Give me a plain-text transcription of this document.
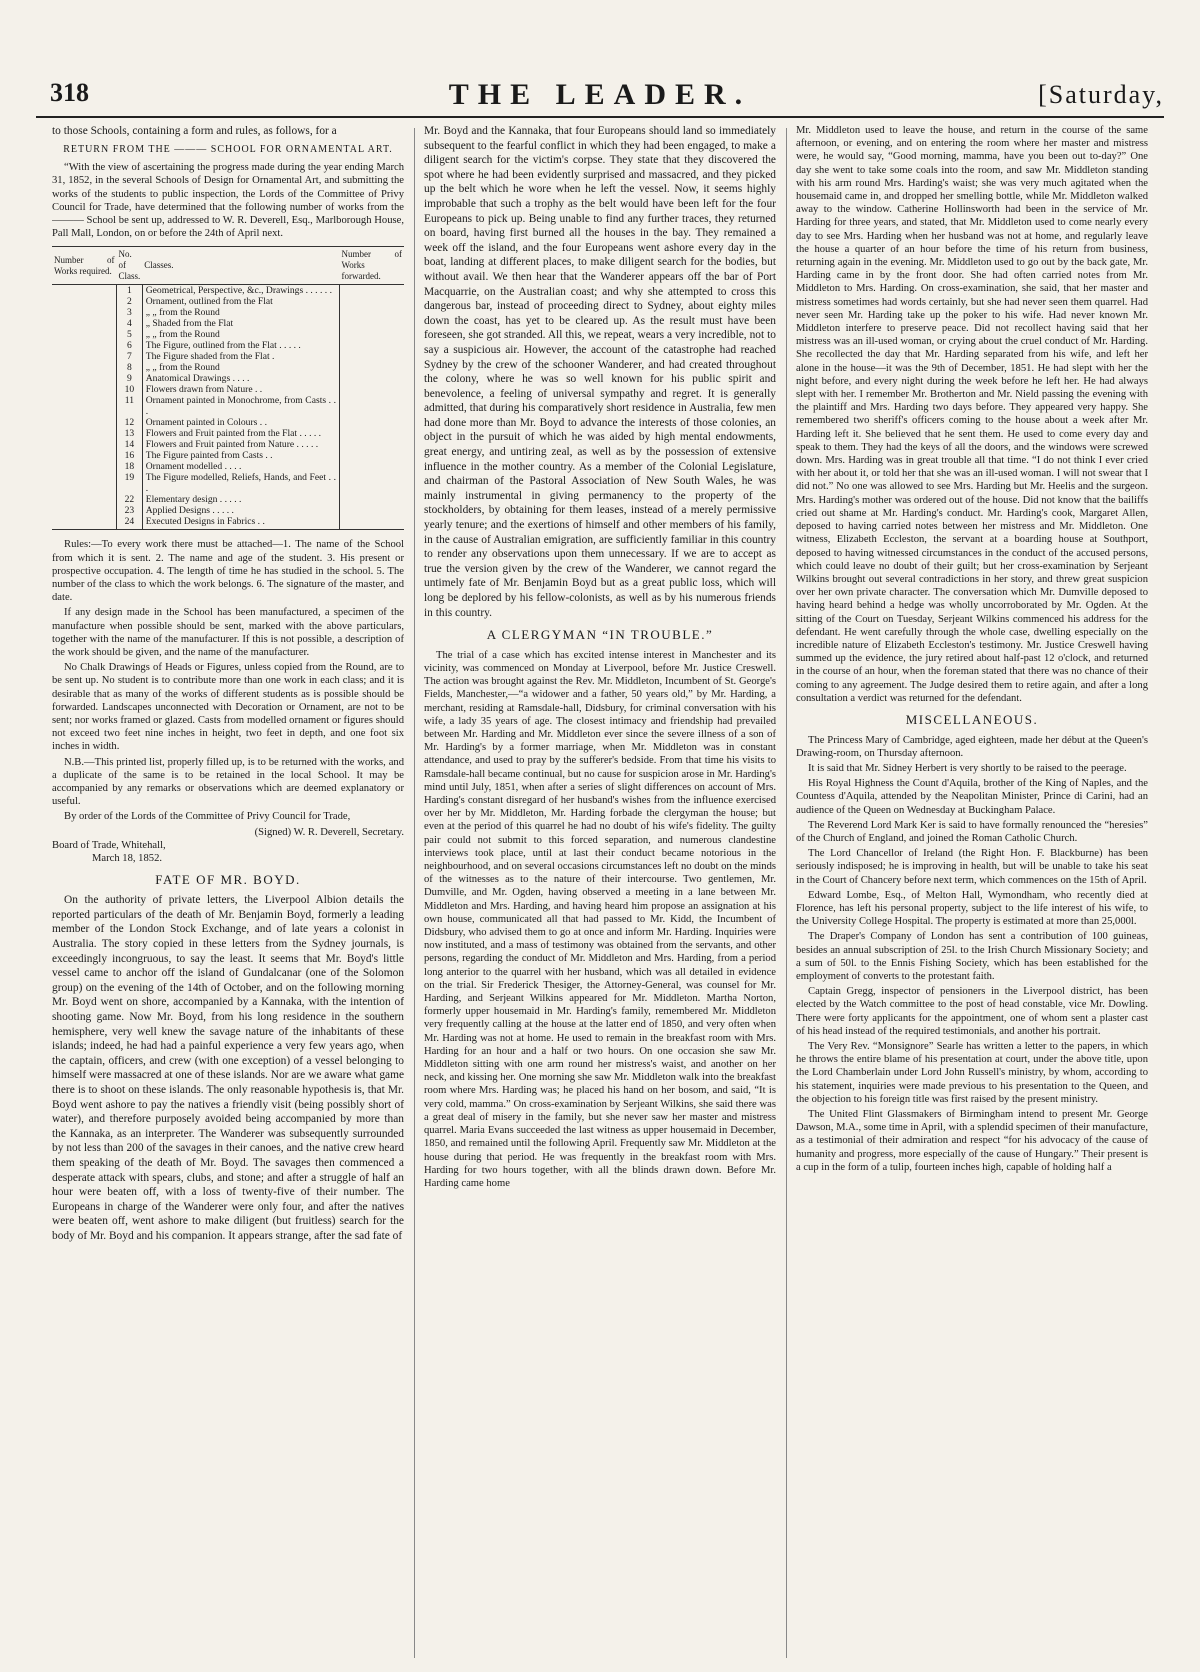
318	THE LEADER.	[Saturday,

to those Schools, containing a form and rules, as follows, for a

RETURN FROM THE ——— SCHOOL FOR ORNAMENTAL ART.

“With the view of ascertaining the progress made during the year ending March 31, 1852, in the several Schools of Design for Ornamental Art, and submitting the works of the students to public inspection, the Lords of the Committee of Privy Council for Trade, have determined that the following number of works from the ——— School be sent up, addressed to W. R. Deverell, Esq., Marlborough House, Pall Mall, London, on or before the 24th of April next.

Number of Works required.	No. of Class.	Classes.	Number of Works forwarded.
	1	Geometrical, Perspective, &c., Drawings . . . . . .	
	2	Ornament, outlined from the Flat	
	3	„ „ from the Round	
	4	„ Shaded from the Flat	
	5	„ „ from the Round	
	6	The Figure, outlined from the Flat . . . . .	
	7	The Figure shaded from the Flat .	
	8	„ „ from the Round	
	9	Anatomical Drawings . . . .	
	10	Flowers drawn from Nature . .	
	11	Ornament painted in Monochrome, from Casts . . .	
	12	Ornament painted in Colours . .	
	13	Flowers and Fruit painted from the Flat . . . . .	
	14	Flowers and Fruit painted from Nature . . . . .	
	16	The Figure painted from Casts . .	
	18	Ornament modelled . . . .	
	19	The Figure modelled, Reliefs, Hands, and Feet . . .	
	22	Elementary design . . . . .	
	23	Applied Designs . . . . .	
	24	Executed Designs in Fabrics . .	

Rules:—To every work there must be attached—1. The name of the School from which it is sent. 2. The name and age of the student. 3. His present or prospective occupation. 4. The length of time he has studied in the school. 5. The number of the class to which the work belongs. 6. The signature of the master, and date.

If any design made in the School has been manufactured, a specimen of the manufacture when possible should be sent, marked with the above particulars, together with the name of the manufacturer. If this is not possible, a description of the work should be given, and the name of the manufacturer.

No Chalk Drawings of Heads or Figures, unless copied from the Round, are to be sent up. No student is to contribute more than one work in each class; and it is desirable that as many of the works of different students as is possible should be forwarded. Landscapes unconnected with Decoration or Ornament, are not to be sent; nor works framed or glazed. Casts from modelled ornament or figures should not exceed two feet nine inches in height, two feet in depth, and one foot six inches in width.

N.B.—This printed list, properly filled up, is to be returned with the works, and a duplicate of the same is to be retained in the local School. It may be accompanied by any remarks or observations which are deemed explanatory or useful.

By order of the Lords of the Committee of Privy Council for Trade,

(Signed) W. R. Deverell, Secretary.
Board of Trade, Whitehall,
March 18, 1852.
FATE OF MR. BOYD.

On the authority of private letters, the Liverpool Albion details the reported particulars of the death of Mr. Benjamin Boyd, formerly a leading member of the London Stock Exchange, and of late years a colonist in Australia. The story copied in these letters from the Sydney journals, is exceedingly incongruous, to say the least. It seems that Mr. Boyd's little vessel came to anchor off the island of Gundalcanar (one of the Solomon group) on the evening of the 14th of October, and on the following morning Mr. Boyd went on shore, accompanied by a Kannaka, with the intention of shooting game. Now Mr. Boyd, from his long residence in the southern hemisphere, very well knew the savage nature of the inhabitants of these islands; indeed, he had had a painful experience a very few years ago, when the captain, officers, and crew (with one exception) of a vessel belonging to himself were massacred at one of these islands. Nor are we aware what game there is to shoot on these islands. The only reasonable hypothesis is, that Mr. Boyd went ashore to pay the natives a friendly visit (being possibly short of water), and therefore purposely avoided being accompanied by more than the Kannaka, as an interpreter. The Wanderer was subsequently surrounded by not less than 200 of the savages in their canoes, and the native crew heard them speaking of the death of Mr. Boyd. The savages then commenced a desperate attack with spears, clubs, and stone; and after a struggle of half an hour were beaten off, with a loss of twenty-five of their number. The Europeans in charge of the Wanderer were only four, and after the natives were beaten off, went ashore to make diligent (but fruitless) search for the body of Mr. Boyd and his companion. It appears strange, after the sad fate of

Mr. Boyd and the Kannaka, that four Europeans should land so immediately subsequent to the fearful conflict in which they had been engaged, to make a diligent search for the victim's corpse. They state that they discovered the spot where he had been evidently surprised and massacred, and they picked up the belt which he wore when he left the vessel. Now, it seems highly improbable that such a trophy as the belt would have been left for the four Europeans to pick up. Being unable to find any further traces, they returned on board, having first burned all the houses in the bay. They remained a week off the island, and the four Europeans went ashore every day in the boat, landing at different places, to make diligent search for the bodies, but without avail. We then hear that the Wanderer appears off the bar of Port Macquarrie, on the Australian coast; and why she attempted to cross this dangerous bar, instead of proceeding direct to Sydney, about eighty miles down the coast, has yet to be cleared up. As the result must have been foreseen, she got stranded. All this, we repeat, wears a very incredible, not to say a suspicious air. However, the account of the catastrophe had reached Sydney by the crew of the schooner Wanderer, and had created throughout the colony, where he was so well known for his public spirit and benevolence, a feeling of universal sympathy and regret. It is generally admitted, that during his comparatively short residence in Australia, few men had done more than Mr. Boyd to advance the interests of those colonies, an object in the pursuit of which he was aided by high mental endowments, great energy, and untiring zeal, as well as by the possession of extensive influence in the mother country. As a member of the Colonial Legislature, and chairman of the Pastoral Association of New South Wales, he was mainly instrumental in giving permanency to the property of the stockholders, by obtaining for them leases, instead of a merely permissive yearly tenure; and the exertions of himself and other members of his family, in the cause of Australian emigration, are sufficiently familiar in this country to render any observations upon them unnecessary. If we are to accept as true the version given by the crew of the Wanderer, we cannot regard the untimely fate of Mr. Benjamin Boyd but as a great public loss, which will long be deplored by his fellow-colonists, as well as by his numerous friends in this country.

A CLERGYMAN “IN TROUBLE.”

The trial of a case which has excited intense interest in Manchester and its vicinity, was commenced on Monday at Liverpool, before Mr. Justice Creswell. The action was brought against the Rev. Mr. Middleton, Incumbent of St. George's Fields, Manchester,—“a widower and a father, 50 years old,” by Mr. Harding, a merchant, residing at Ramsdale-hall, Didsbury, for criminal conversation with his wife, a lady 35 years of age. The closest intimacy and friendship had prevailed between Mr. Harding and Mr. Middleton ever since the severe illness of a son of Mr. Harding's by a former marriage, when Mr. Middleton was in constant attendance, and used to pray by the sufferer's bedside. From that time his visits to Ramsdale-hall became continual, but no cause for suspicion arose in Mr. Harding's mind until July, 1851, when after a series of slight differences on account of Mrs. Harding's constant disregard of her husband's wishes from the influence exercised over her by Mr. Middleton, Mr. Harding forbade the clergyman the house; but even at the period of this quarrel he had no doubt of his wife's fidelity. The guilty pair could not submit to this forced separation, and numerous clandestine interviews took place, until at last their conduct became notorious in the neighbourhood, and on several occasions circumstances left no doubt on the minds of the witnesses as to the nature of their intercourse. Two gentlemen, Mr. Dumville, and Mr. Ogden, having observed a meeting in a lane between Mr. Middleton and Mrs. Harding, and having heard him propose an assignation at his own house, communicated all that had passed to Mr. Kidd, the Incumbent of Didsbury, who advised them to go at once and inform Mr. Harding. Inquiries were now instituted, and a mass of testimony was obtained from the servants, and other persons, regarding the conduct of Mr. Middleton and Mrs. Harding, from a period long anterior to the quarrel with her husband, which was all detailed in evidence on the trial. Sir Frederick Thesiger, the Attorney-General, was counsel for Mr. Harding, and Serjeant Wilkins appeared for Mr. Middleton. Martha Norton, formerly upper housemaid in Mr. Harding's family, remembered Mr. Middleton very frequently calling at the house at the latter end of 1850, and very often when Mr. Harding was not at home. He used to remain in the breakfast room with Mrs. Harding for an hour and a half or two hours. On one occasion she saw Mr. Middleton sitting with one arm round her mistress's waist, and another on her neck, and kissing her. One morning she saw Mr. Middleton walk into the breakfast room where Mrs. Harding was; he placed his hand on her bosom, and said, “It is very cold, mamma.” On cross-examination by Serjeant Wilkins, she said there was a great deal of misery in the family, but she never saw her master and mistress quarrel. Maria Evans succeeded the last witness as upper housemaid in December, 1850, and remained until the following April. Frequently saw Mr. Middleton at the house during that period. He was frequently in the breakfast room with Mrs. Harding for two hours together, with all the blinds drawn down. Before Mr. Harding came home

Mr. Middleton used to leave the house, and return in the course of the same afternoon, or evening, and on entering the room where her master and mistress were, he would say, “Good morning, mamma, have you been out to-day?” One day she went to take some coals into the room, and saw Mr. Middleton standing with his arm round Mrs. Harding's waist; she was very much agitated when the housemaid came in, and dropped her smelling bottle, while Mr. Middleton walked away to the window. Catherine Hollinsworth had been in the service of Mr. Harding for three years, and stated, that Mr. Middleton used to come nearly every day to see Mrs. Harding when her husband was not at home, and regularly leave the house a quarter of an hour before the time of his return from business, returning again in the evening. Mr. Middleton used to go out by the back gate, Mr. Harding came in by the front door. She had often carried notes from Mr. Middleton to Mrs. Harding. On cross-examination, she said, that her master and mistress sometimes had words certainly, but she had never seen them quarrel. Had never seen Mr. Harding take up the poker to his wife. Had never known Mr. Middleton interfere to preserve peace. Did not recollect having said that her mistress was an ill-used woman, or crying about the cruel conduct of Mr. Harding. She recollected the day that Mr. Harding separated from his wife, and left her alone in the house—it was the 9th of December, 1851. He had slept with her the night before, and every night during the week before he left her. He had always slept with her. I remember Mr. Brotherton and Mr. Nield passing the evening with the plaintiff and Mrs. Harding two days before. They appeared very happy. She remembered two sheriff's officers coming to the house about a week after Mr. Harding left it. She believed that he sent them. He used to come every day and speak to them. They had the keys of all the doors, and the windows were screwed down. Mrs. Harding was in great trouble all that time. “I do not think I ever cried with her about it, or told her that she was an ill-used woman. I will not swear that I did not.” No one was allowed to see Mrs. Harding but Mr. Heelis and the surgeon. Mrs. Harding's mother was ordered out of the house. Did not know that the bailiffs cried out shame at Mr. Harding's conduct. Mr. Harding's cook, Margaret Allen, deposed to having carried notes between her mistress and Mr. Middleton. One witness, Elizabeth Eccleston, the servant at a boarding house at Southport, deposed to having witnessed circumstances in the conduct of the accused persons, which could leave no doubt of their guilt; but her cross-examination by Serjeant Wilkins brought out several contradictions in her story, and threw great suspicion over her own private character. The conversation which Mr. Dumville deposed to having heard behind a hedge was wholly uncorroborated by Mr. Ogden. At the sitting of the Court on Tuesday, Serjeant Wilkins commenced his address for the defendant. He went carefully through the whole case, dwelling especially on the incredible nature of Elizabeth Eccleston's testimony. Mr. Justice Creswell having summed up the evidence, the jury retired about half-past 12 o'clock, and returned in the course of an hour, when the foreman stated that there was no chance of their coming to any agreement. The Judge desired them to retire again, and after a long consultation a verdict was returned for the defendant.

MISCELLANEOUS.

The Princess Mary of Cambridge, aged eighteen, made her début at the Queen's Drawing-room, on Thursday afternoon.

It is said that Mr. Sidney Herbert is very shortly to be raised to the peerage.

His Royal Highness the Count d'Aquila, brother of the King of Naples, and the Countess d'Aquila, attended by the Neapolitan Minister, Prince di Carini, had an audience of the Queen on Wednesday at Buckingham Palace.

The Reverend Lord Mark Ker is said to have formally renounced the “heresies” of the Church of England, and joined the Roman Catholic Church.

The Lord Chancellor of Ireland (the Right Hon. F. Blackburne) has been seriously indisposed; he is improving in health, but will be unable to take his seat in the Court of Chancery before next term, which commences on the 15th of April.

Edward Lombe, Esq., of Melton Hall, Wymondham, who recently died at Florence, has left his personal property, subject to the life interest of his wife, to the University College Hospital. The property is estimated at more than 25,000l.

The Draper's Company of London has sent a contribution of 100 guineas, besides an annual subscription of 25l. to the Irish Church Missionary Society; and a sum of 50l. to the Ennis Fishing Society, which has been established for the employment of converts to the protestant faith.

Captain Gregg, inspector of pensioners in the Liverpool district, has been elected by the Watch committee to the post of head constable, vice Mr. Dowling. There were forty applicants for the appointment, one of whom sent a plaster cast of his head instead of the required testimonials, and another his portrait.

The Very Rev. “Monsignore” Searle has written a letter to the papers, in which he throws the entire blame of his presentation at court, under the above title, upon the Lord Chamberlain under Lord John Russell's ministry, by whom, according to his statement, inquiries were made previous to his presentation to the Queen, and the objection to his foreign title was first raised by the present ministry.

The United Flint Glassmakers of Birmingham intend to present Mr. George Dawson, M.A., some time in April, with a splendid specimen of their manufacture, as a testimonial of their admiration and respect “for his advocacy of the cause of humanity and progress, more especially of the cause of Hungary.” Their present is a cup in the form of a tulip, fourteen inches high, capable of holding half a
